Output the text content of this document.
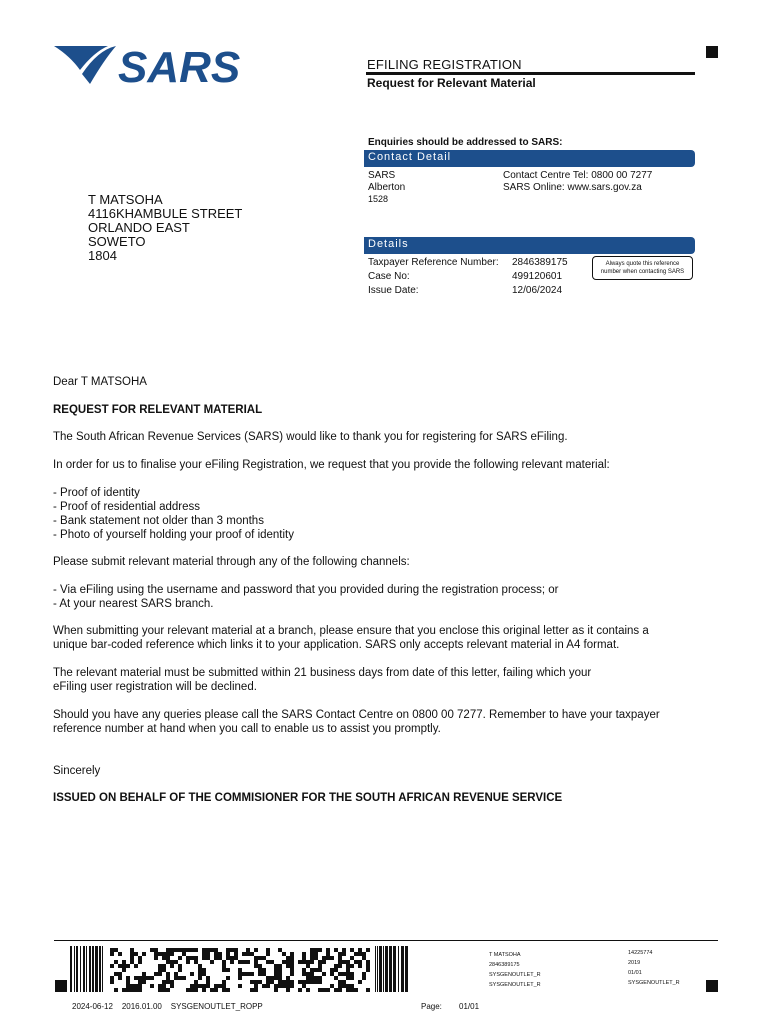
SARS	EFILING REGISTRATION
Request for Relevant Material
Enquiries should be addressed to SARS:
Contact Detail
SARS
Alberton
1528
Contact Centre Tel: 0800 00 7277
SARS Online: www.sars.gov.za
Details
Taxpayer Reference Number:
Case No:
Issue Date:
2846389175
499120601
12/06/2024
Always quote this reference number when contacting SARS
T MATSOHA
4116KHAMBULE STREET
ORLANDO EAST
SOWETO
1804
Dear T MATSOHA
REQUEST FOR RELEVANT MATERIAL
The South African Revenue Services (SARS) would like to thank you for registering for SARS eFiling.
In order for us to finalise your eFiling Registration, we request that you provide the following relevant material:
- Proof of identity
- Proof of residential address
- Bank statement not older than 3 months
- Photo of yourself holding your proof of identity
Please submit relevant material through any of the following channels:
- Via eFiling using the username and password that you provided during the registration process; or
- At your nearest SARS branch.
When submitting your relevant material at a branch, please ensure that you enclose this original letter as it contains a
unique bar-coded reference which links it to your application. SARS only accepts relevant material in A4 format.
The relevant material must be submitted within 21 business days from date of this letter, failing which your
eFiling user registration will be declined.
Should you have any queries please call the SARS Contact Centre on 0800 00 7277. Remember to have your taxpayer
reference number at hand when you call to enable us to assist you promptly.
Sincerely
ISSUED ON BEHALF OF THE COMMISIONER FOR THE SOUTH AFRICAN REVENUE SERVICE
T MATSOHA
2846389175
SYSGENOUTLET_R
SYSGENOUTLET_R
14225774
2019
01/01
SYSGENOUTLET_R
2024-06-12    2016.01.00    SYSGENOUTLET_ROPP	Page: 01/01
